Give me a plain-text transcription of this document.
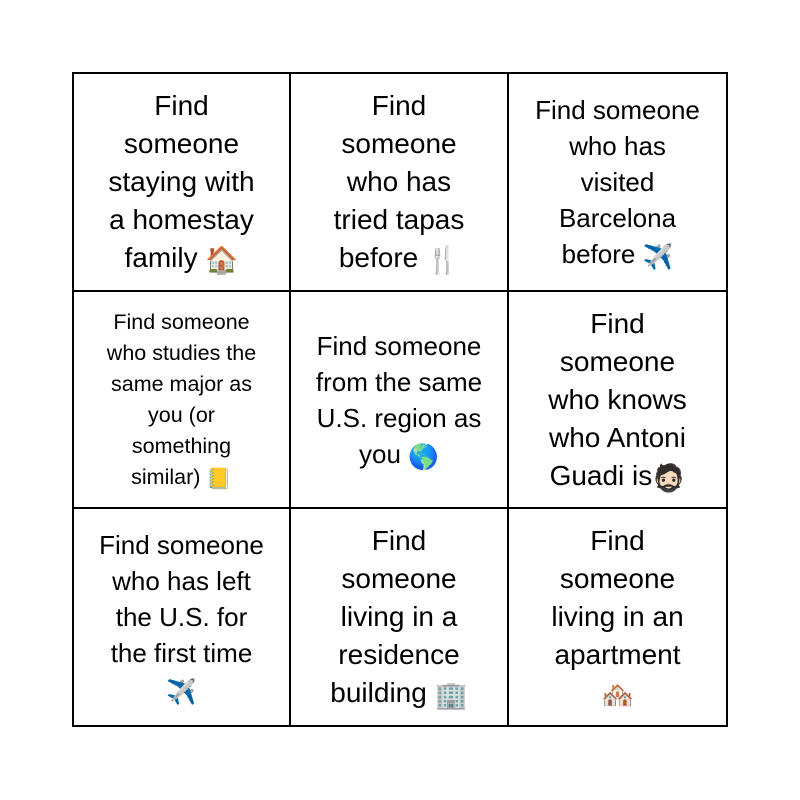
Find
someone
staying with
a homestay
family 🏠
Find
someone
who has
tried tapas
before 🍴
Find someone
who has
visited
Barcelona
before ✈️
Find someone
who studies the
same major as
you (or
something
similar) 📒
Find someone
from the same
U.S. region as
you 🌎
Find
someone
who knows
who Antoni
Guadi is🧔🏻
Find someone
who has left
the U.S. for
the first time
✈️
Find
someone
living in a
residence
building 🏢
Find
someone
living in an
apartment
🏘️
